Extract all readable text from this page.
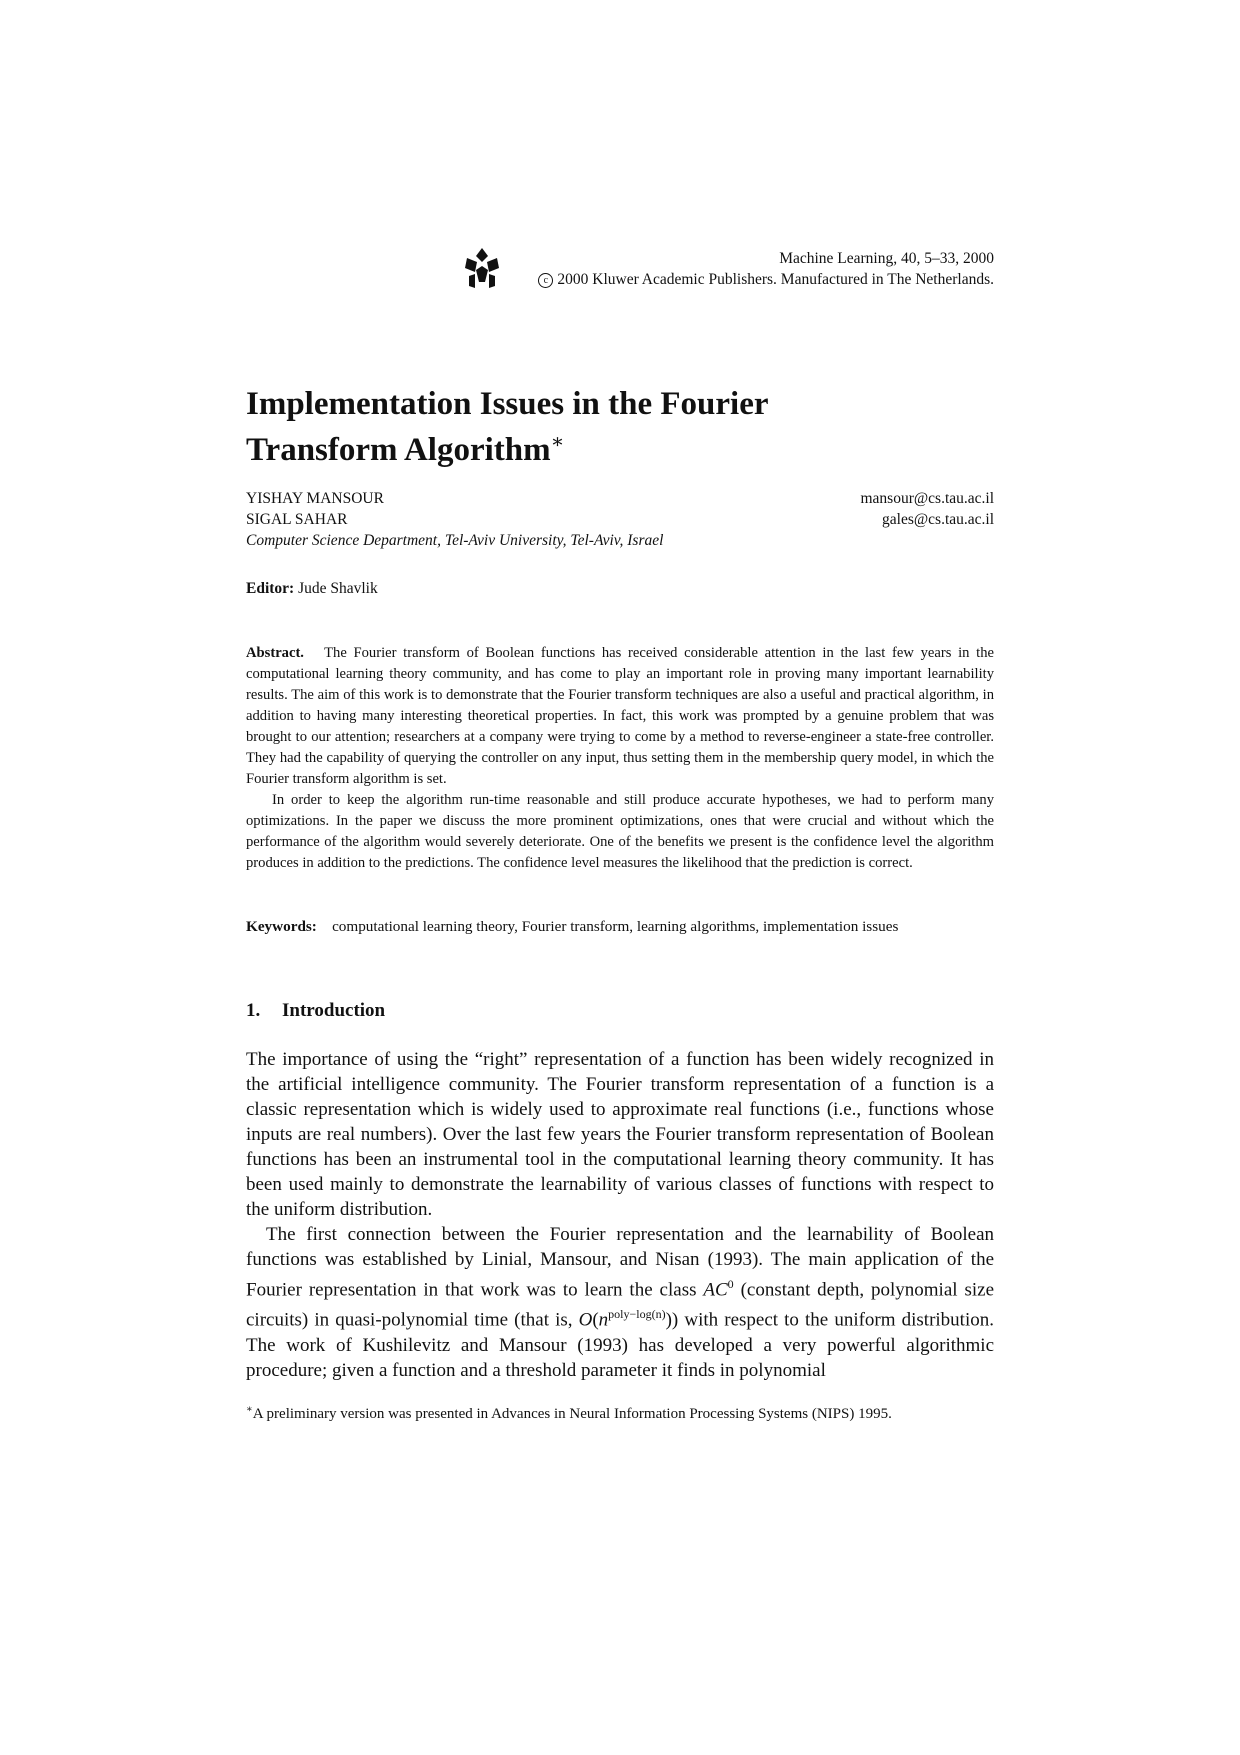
Machine Learning, 40, 5–33, 2000
c 2000 Kluwer Academic Publishers. Manufactured in The Netherlands.
Implementation Issues in the Fourier
Transform Algorithm∗
YISHAY MANSOUR	mansour@cs.tau.ac.il
SIGAL SAHAR	gales@cs.tau.ac.il
Computer Science Department, Tel-Aviv University, Tel-Aviv, Israel
Editor: Jude Shavlik

Abstract. The Fourier transform of Boolean functions has received considerable attention in the last few years in the computational learning theory community, and has come to play an important role in proving many important learnability results. The aim of this work is to demonstrate that the Fourier transform techniques are also a useful and practical algorithm, in addition to having many interesting theoretical properties. In fact, this work was prompted by a genuine problem that was brought to our attention; researchers at a company were trying to come by a method to reverse-engineer a state-free controller. They had the capability of querying the controller on any input, thus setting them in the membership query model, in which the Fourier transform algorithm is set.

In order to keep the algorithm run-time reasonable and still produce accurate hypotheses, we had to perform many optimizations. In the paper we discuss the more prominent optimizations, ones that were crucial and without which the performance of the algorithm would severely deteriorate. One of the benefits we present is the confidence level the algorithm produces in addition to the predictions. The confidence level measures the likelihood that the prediction is correct.

Keywords: computational learning theory, Fourier transform, learning algorithms, implementation issues
1. Introduction

The importance of using the “right” representation of a function has been widely recognized in the artificial intelligence community. The Fourier transform representation of a function is a classic representation which is widely used to approximate real functions (i.e., functions whose inputs are real numbers). Over the last few years the Fourier transform representation of Boolean functions has been an instrumental tool in the computational learning theory community. It has been used mainly to demonstrate the learnability of various classes of functions with respect to the uniform distribution.

The first connection between the Fourier representation and the learnability of Boolean functions was established by Linial, Mansour, and Nisan (1993). The main application of the Fourier representation in that work was to learn the class $AC^0$ (constant depth, polynomial size circuits) in quasi-polynomial time (that is, $O(n^{poly-log(n)})$) with respect to the uniform distribution. The work of Kushilevitz and Mansour (1993) has developed a very powerful algorithmic procedure; given a function and a threshold parameter it finds in polynomial

∗A preliminary version was presented in Advances in Neural Information Processing Systems (NIPS) 1995.
